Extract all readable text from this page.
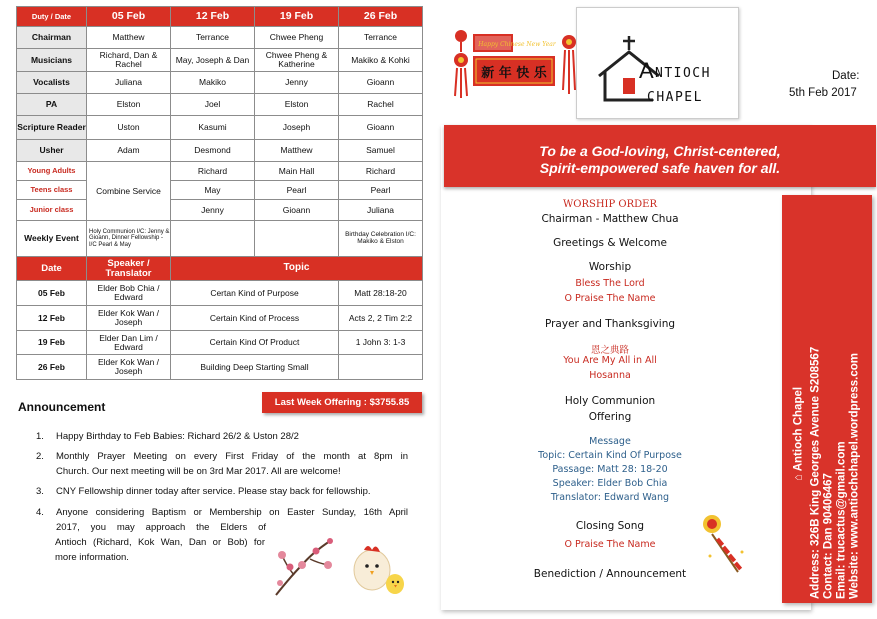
Duty / Date	05 Feb	12 Feb	19 Feb	26 Feb
Chairman	Matthew	Terrance	Chwee Pheng	Terrance
Musicians	Richard, Dan & Rachel	May, Joseph & Dan	Chwee Pheng & Katherine	Makiko & Kohki
Vocalists	Juliana	Makiko	Jenny	Gioann
PA	Elston	Joel	Elston	Rachel
Scripture Reader	Uston	Kasumi	Joseph	Gioann
Usher	Adam	Desmond	Matthew	Samuel
Young Adults	Combine Service	Richard	Main Hall	Richard
Teens class		May	Pearl	Pearl
Junior class		Jenny	Gioann	Juliana
Weekly Event	Holy Communion I/C: Jenny & Gioann, Dinner Fellowship -I/C Pearl & May			Birthday Celebration I/C: Makiko & Elston
Date	Speaker / Translator	Topic		
05 Feb	Elder Bob Chia / Edward	Certan Kind of Purpose		Matt 28:18-20
12 Feb	Elder Kok Wan / Joseph	Certain Kind of Process		Acts 2, 2 Tim 2:2
19 Feb	Elder Dan Lim / Edward	Certain Kind Of Product		1 John 3: 1-3
26 Feb	Elder Kok Wan / Joseph	Building Deep Starting Small		
Announcement	Last Week Offering : $3755.85
1. Happy Birthday to Feb Babies: Richard 26/2 & Uston 28/2
2. Monthly Prayer Meeting on every First Friday of the month at 8pm in
Church. Our next meeting will be on 3rd Mar 2017. All are welcome!
3. CNY Fellowship dinner today after service. Please stay back for fellowship.
4. Anyone considering Baptism or Membership on Easter Sunday, 16th April
2017, you may approach the Elders of
Antioch (Richard, Kok Wan, Dan or Bob) for
more information.
新 年 快 乐
Happy Chinese New Year
A NTIOCH
CHAPEL
Date:
5th Feb 2017
To be a God-loving, Christ-centered,
Spirit-empowered safe haven for all.
WORSHIP ORDER
Chairman - Matthew Chua
Greetings & Welcome
Worship
Bless The Lord
O Praise The Name
Prayer and Thanksgiving
恩之典路
You Are My All in All
Hosanna
Holy Communion
Offering
Message
Topic: Certain Kind Of Purpose
Passage: Matt 28: 18-20
Speaker: Elder Bob Chia
Translator: Edward Wang
Closing Song
O Praise The Name
Benediction / Announcement
⌂ Antioch Chapel Address: 326B King Georges Avenue S208567 Contact: Dan 90406467 Email: trucactus@gmail.com Website: www.antiochchapel.wordpress.com
